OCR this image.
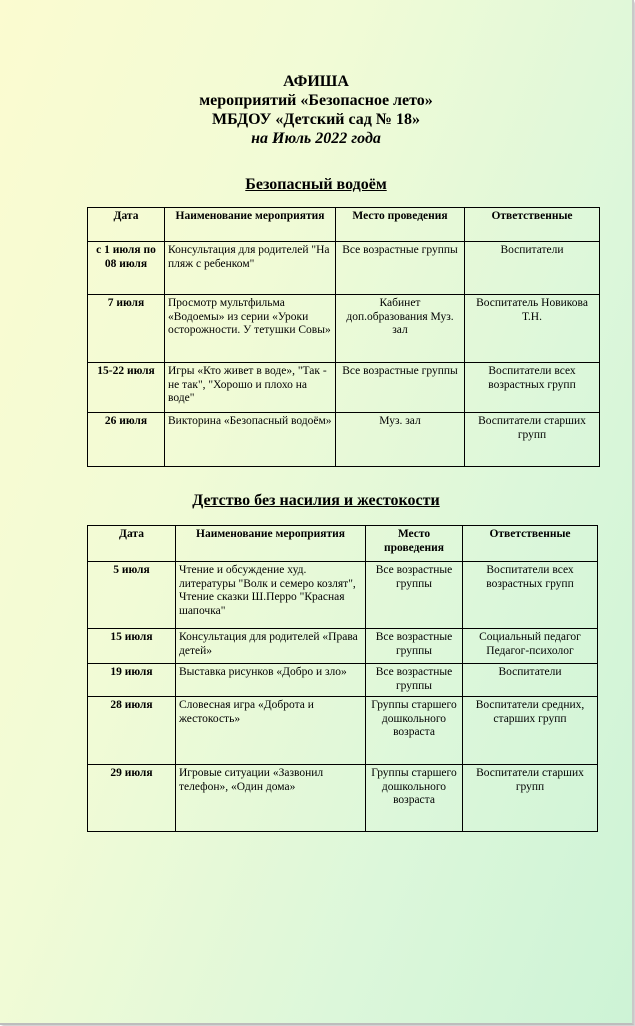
АФИША
мероприятий «Безопасное лето»
МБДОУ «Детский сад № 18»
на Июль 2022 года
Безопасный водоём
Дата	Наименование мероприятия	Место проведения	Ответственные
с 1 июля по 08 июля	Консультация для родителей "На пляж с ребенком"	Все возрастные группы	Воспитатели
7 июля	Просмотр мультфильма «Водоемы» из серии «Уроки осторожности. У тетушки Совы»	Кабинет доп.образования Муз. зал	Воспитатель Новикова Т.Н.
15-22 июля	Игры «Кто живет в воде», "Так - не так", "Хорошо и плохо на воде"	Все возрастные группы	Воспитатели всех возрастных групп
26 июля	Викторина «Безопасный водоём»	Муз. зал	Воспитатели старших групп
Детство без насилия и жестокости
Дата	Наименование мероприятия	Место проведения	Ответственные
5 июля	Чтение и обсуждение худ. литературы "Волк и семеро козлят", Чтение сказки Ш.Перро "Красная шапочка"	Все возрастные группы	Воспитатели всех возрастных групп
15 июля	Консультация для родителей «Права детей»	Все возрастные группы	Социальный педагог Педагог-психолог
19 июля	Выставка рисунков «Добро и зло»	Все возрастные группы	Воспитатели
28 июля	Словесная игра «Доброта и жестокость»	Группы старшего дошкольного возраста	Воспитатели средних, старших групп
29 июля	Игровые ситуации «Зазвонил телефон», «Один дома»	Группы старшего дошкольного возраста	Воспитатели старших групп
